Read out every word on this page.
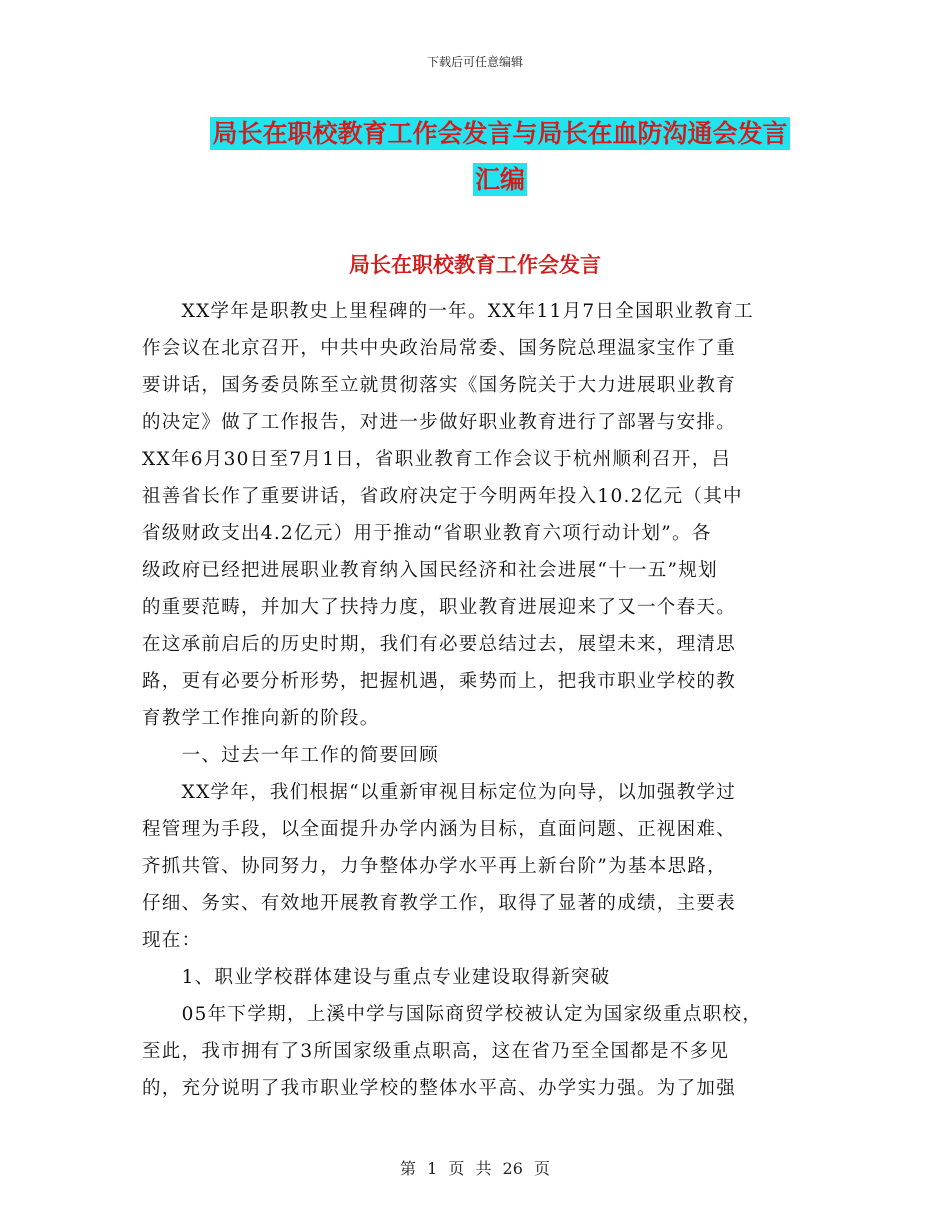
下载后可任意编辑
局长在职校教育工作会发言与局长在血防沟通会发言
汇编
局长在职校教育工作会发言
　　XX学年是职教史上里程碑的一年。XX年11月7日全国职业教育工
作会议在北京召开，中共中央政治局常委、国务院总理温家宝作了重
要讲话，国务委员陈至立就贯彻落实《国务院关于大力进展职业教育
的决定》做了工作报告，对进一步做好职业教育进行了部署与安排。
XX年6月30日至7月1日，省职业教育工作会议于杭州顺利召开，吕
祖善省长作了重要讲话，省政府决定于今明两年投入10.2亿元（其中
省级财政支出4.2亿元）用于推动“省职业教育六项行动计划”。各
级政府已经把进展职业教育纳入国民经济和社会进展“十一五”规划
的重要范畴，并加大了扶持力度，职业教育进展迎来了又一个春天。
在这承前启后的历史时期，我们有必要总结过去，展望未来，理清思
路，更有必要分析形势，把握机遇，乘势而上，把我市职业学校的教
育教学工作推向新的阶段。
　　一、过去一年工作的简要回顾
　　XX学年，我们根据“以重新审视目标定位为向导，以加强教学过
程管理为手段，以全面提升办学内涵为目标，直面问题、正视困难、
齐抓共管、协同努力，力争整体办学水平再上新台阶”为基本思路，
仔细、务实、有效地开展教育教学工作，取得了显著的成绩，主要表
现在：
　　1、职业学校群体建设与重点专业建设取得新突破
　　05年下学期，上溪中学与国际商贸学校被认定为国家级重点职校，
至此，我市拥有了3所国家级重点职高，这在省乃至全国都是不多见
的，充分说明了我市职业学校的整体水平高、办学实力强。为了加强
第 1 页 共 26 页
